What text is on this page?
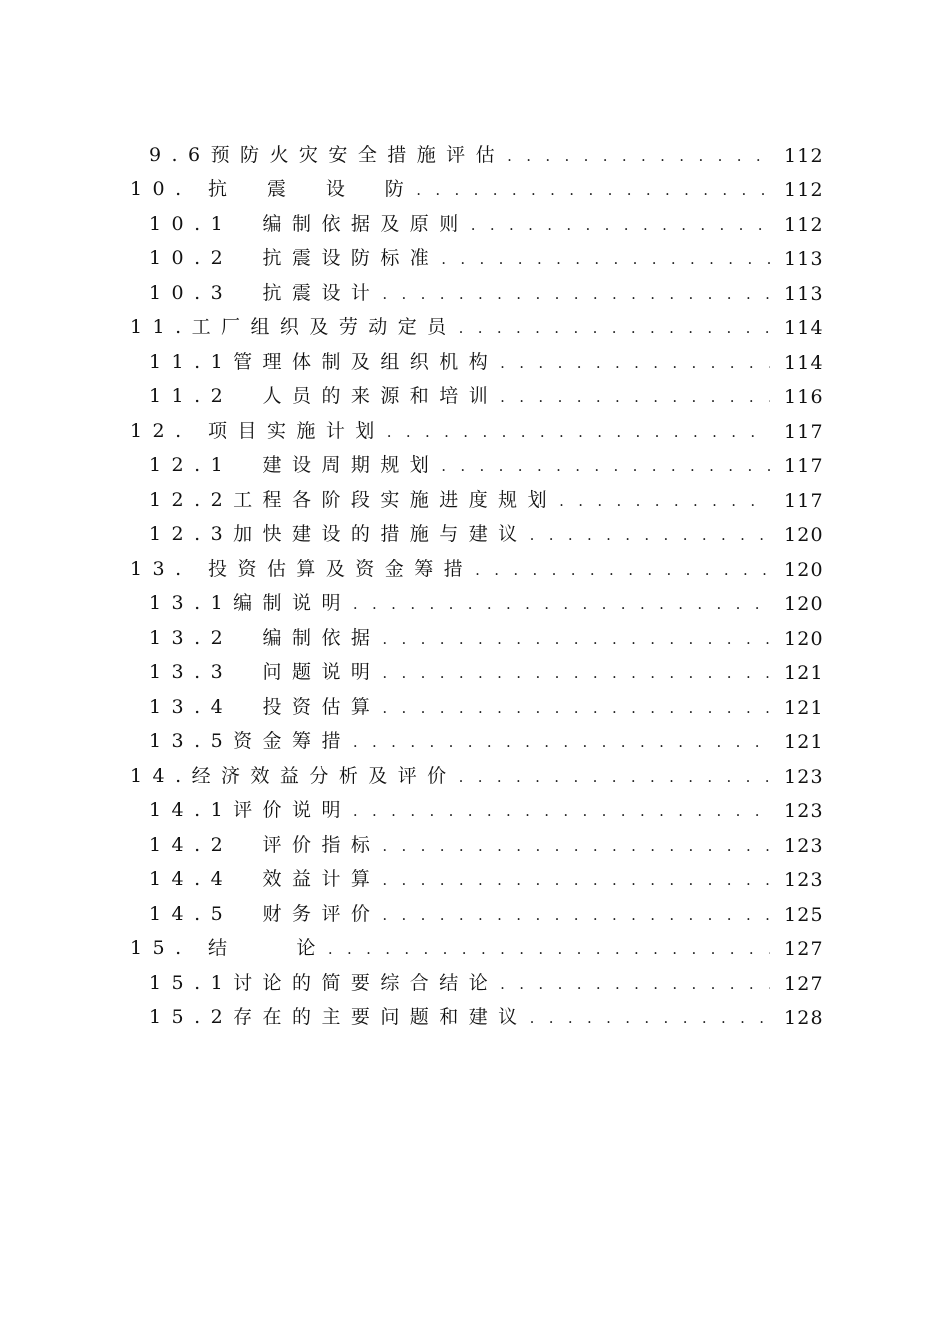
9.6预防火灾安全措施评估 . . .	112
10. 抗　震　设　防 . . .	112
10.1　编制依据及原则 . . .	112
10.2　抗震设防标准 . . .	113
10.3　抗震设计 . . .	113
11.工厂组织及劳动定员 . . .	114
11.1管理体制及组织机构 . . .	114
11.2　人员的来源和培训 . . .	116
12. 项目实施计划 . . .	117
12.1　建设周期规划 . . .	117
12.2工程各阶段实施进度规划 . . .	117
12.3加快建设的措施与建议 . . .	120
13. 投资估算及资金筹措 . . .	120
13.1编制说明 . . .	120
13.2　编制依据 . . .	120
13.3　问题说明 . . .	121
13.4　投资估算 . . .	121
13.5资金筹措 . . .	121
14.经济效益分析及评价 . . .	123
14.1评价说明 . . .	123
14.2　评价指标 . . .	123
14.4　效益计算 . . .	123
14.5　财务评价 . . .	125
15. 结　　论 . . .	127
15.1讨论的简要综合结论 . . .	127
15.2存在的主要问题和建议 . . .	128
